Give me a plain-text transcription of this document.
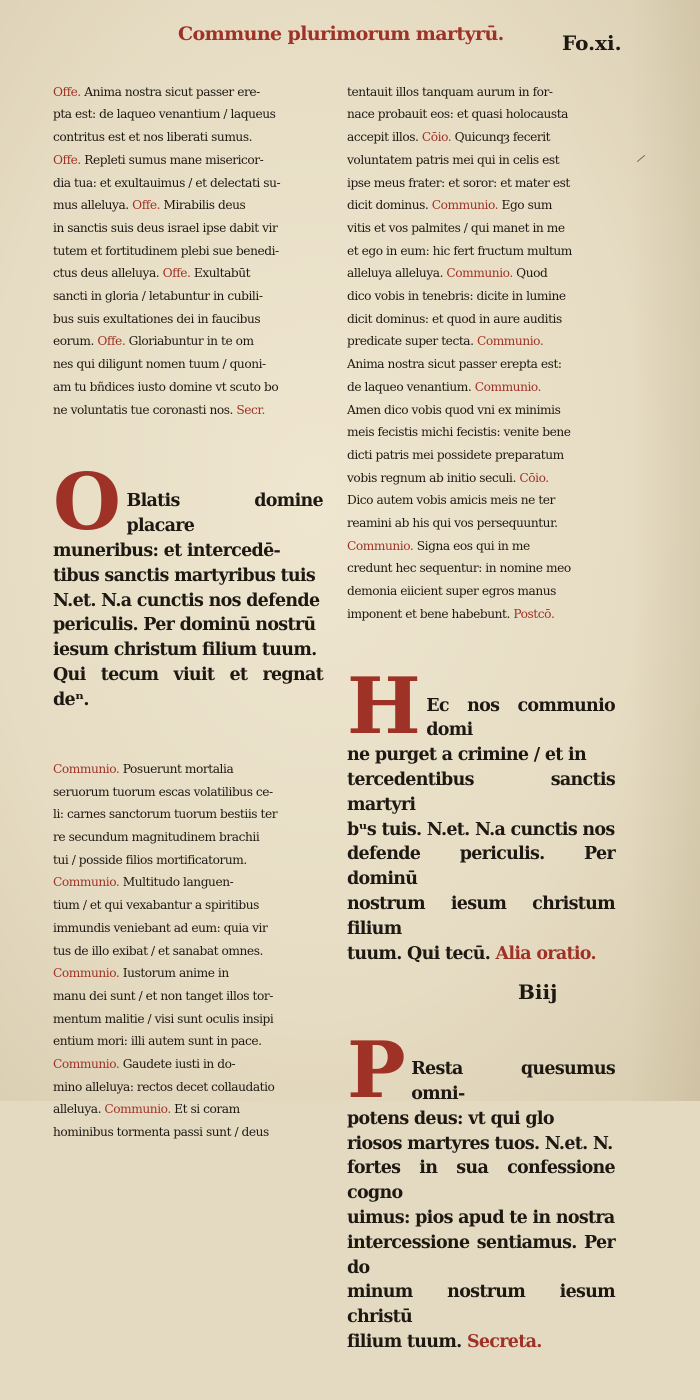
Commune plurimorum martyrū.	Fo.xi.

Offe. Anima nostra sicut passer ere-
pta est: de laqueo venantium / laqueus
contritus est et nos liberati sumus.
Offe. Repleti sumus mane misericor-
dia tua: et exultauimus / et delectati su-
mus alleluya. Offe. Mirabilis deus
in sanctis suis deus israel ipse dabit vir
tutem et fortitudinem plebi sue benedi-
ctus deus alleluya. Offe. Exultabūt
sancti in gloria / letabuntur in cubili-
bus suis exultationes dei in faucibus
eorum. Offe. Gloriabuntur in te om
nes qui diligunt nomen tuum / quoni-
am tu bñdices iusto domine vt scuto bo
ne voluntatis tue coronasti nos. Secr.

O Blatis domine placare
muneribus: et intercedē-
tibus sanctis martyribus tuis
N.et. N.a cunctis nos defende
periculis. Per dominū nostrū
iesum christum filium tuum.
Qui tecum viuit et regnat deⁿ.

Communio. Posuerunt mortalia
seruorum tuorum escas volatilibus ce-
li: carnes sanctorum tuorum bestiis ter
re secundum magnitudinem brachii
tui / posside filios mortificatorum.
Communio. Multitudo languen-
tium / et qui vexabantur a spiritibus
immundis veniebant ad eum: quia vir
tus de illo exibat / et sanabat omnes.
Communio. Iustorum anime in
manu dei sunt / et non tanget illos tor-
mentum malitie / visi sunt oculis insipi
entium mori: illi autem sunt in pace.
Communio. Gaudete iusti in do-
mino alleluya: rectos decet collaudatio
alleluya. Communio. Et si coram
hominibus tormenta passi sunt / deus

tentauit illos tanquam aurum in for-
nace probauit eos: et quasi holocausta
accepit illos. Cōio. Quicunqȝ fecerit
voluntatem patris mei qui in celis est
ipse meus frater: et soror: et mater est
dicit dominus. Communio. Ego sum
vitis et vos palmites / qui manet in me
et ego in eum: hic fert fructum multum
alleluya alleluya. Communio. Quod
dico vobis in tenebris: dicite in lumine
dicit dominus: et quod in aure auditis
predicate super tecta. Communio.
Anima nostra sicut passer erepta est:
de laqueo venantium. Communio.
Amen dico vobis quod vni ex minimis
meis fecistis michi fecistis: venite bene
dicti patris mei possidete preparatum
vobis regnum ab initio seculi. Cōio.
Dico autem vobis amicis meis ne ter
reamini ab his qui vos persequuntur.
Communio. Signa eos qui in me
credunt hec sequentur: in nomine meo
demonia eiicient super egros manus
imponent et bene habebunt. Postcō.

H Ec nos communio domi
ne purget a crimine / et in
tercedentibus sanctis martyri
bᵘs tuis. N.et. N.a cunctis nos
defende periculis. Per dominū
nostrum iesum christum filium
tuum. Qui tecū. Alia oratio.

P Resta quesumus omni-
potens deus: vt qui glo
riosos martyres tuos. N.et. N.
fortes in sua confessione cogno
uimus: pios apud te in nostra
intercessione sentiamus. Per do
minum nostrum iesum christū
filium tuum. Secreta.

Biij
